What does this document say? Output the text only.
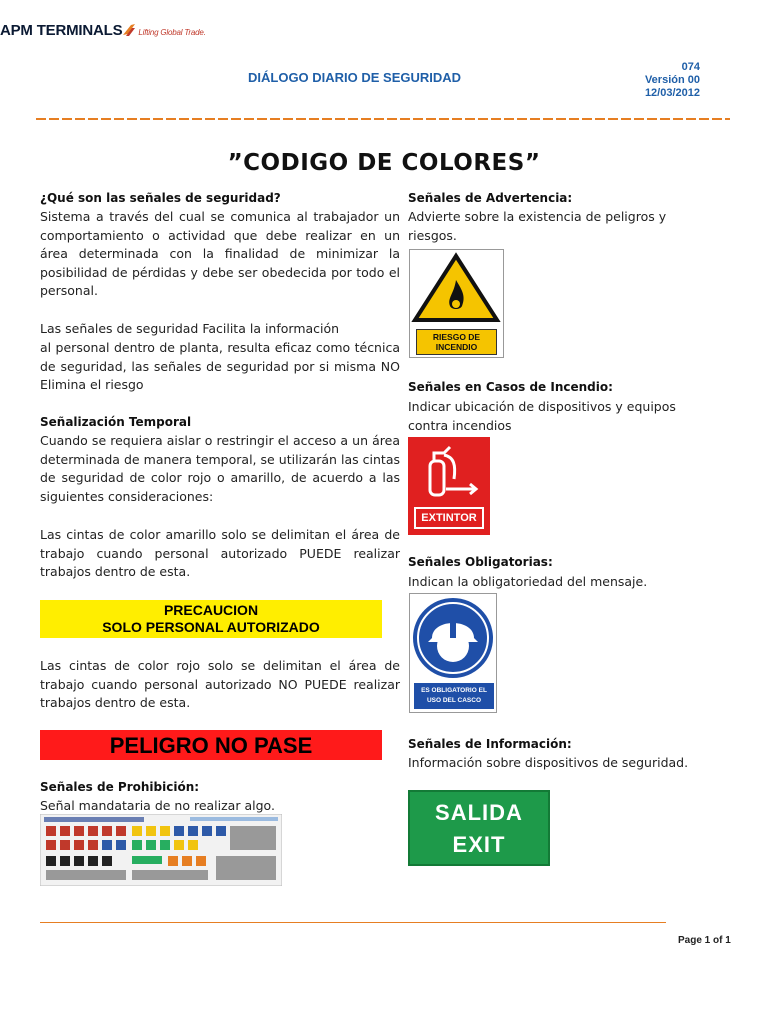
APM TERMINALS Lifting Global Trade.
DIÁLOGO DIARIO DE SEGURIDAD
074
Versión 00
12/03/2012
”CODIGO DE COLORES”
¿Qué son las señales de seguridad?
Sistema a través del cual se comunica al trabajador un comportamiento o actividad que debe realizar en un área determinada con la finalidad de minimizar la posibilidad de pérdidas y debe ser obedecida por todo el personal.
Las señales de seguridad Facilita la información
al personal dentro de planta, resulta eficaz como técnica de seguridad, las señales de seguridad por si misma NO Elimina el riesgo
Señalización Temporal
Cuando se requiera aislar o restringir el acceso a un área determinada de manera temporal, se utilizarán las cintas de seguridad de color rojo o amarillo, de acuerdo a las siguientes consideraciones:
Las cintas de color amarillo solo se delimitan el área de trabajo cuando personal autorizado PUEDE realizar trabajos dentro de esta.
PRECAUCION
SOLO PERSONAL AUTORIZADO
Las cintas de color rojo solo se delimitan el área de trabajo cuando personal autorizado NO PUEDE realizar trabajos dentro de esta.
PELIGRO NO PASE
Señales de Prohibición:
Señal mandataria de no realizar algo.
Señales de Advertencia:
Advierte sobre la existencia de peligros y riesgos.
RIESGO DE INCENDIO
Señales en Casos de Incendio:
Indicar ubicación de dispositivos y equipos contra incendios
EXTINTOR
Señales Obligatorias:
Indican la obligatoriedad del mensaje.
ES OBLIGATORIO EL USO DEL CASCO
Señales de Información:
Información sobre dispositivos de seguridad.
SALIDA
EXIT
Page 1 of 1
